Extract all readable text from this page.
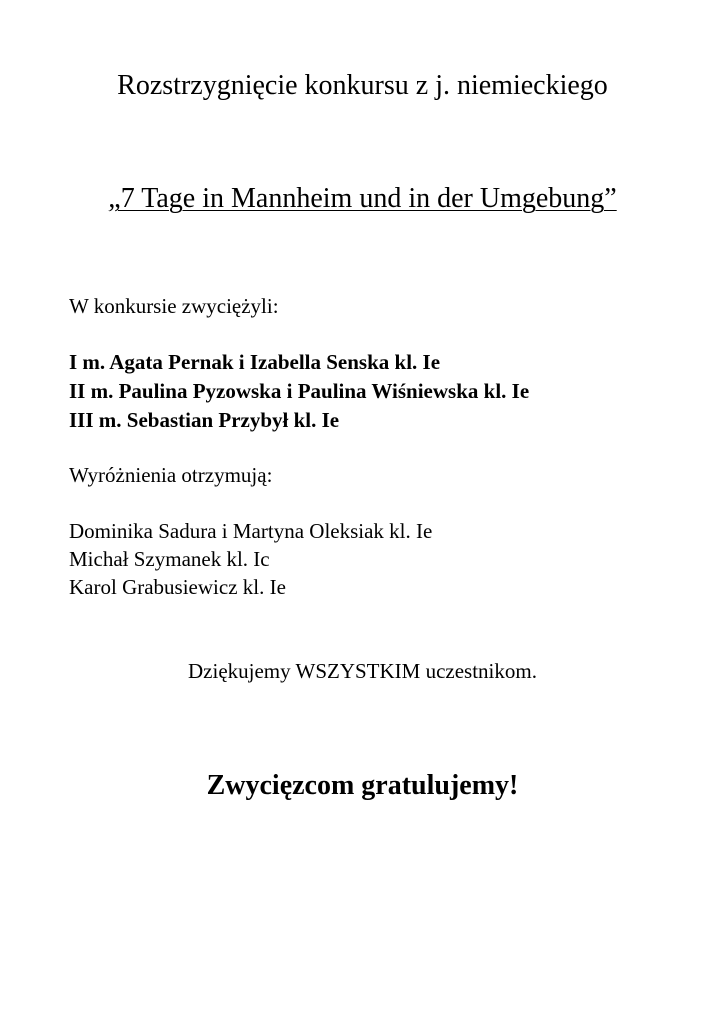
Rozstrzygnięcie konkursu z j. niemieckiego
„7 Tage in Mannheim und in der Umgebung”
W konkursie zwyciężyli:
I m. Agata Pernak i Izabella Senska kl. Ie
II m. Paulina Pyzowska i Paulina Wiśniewska kl. Ie
III m. Sebastian Przybył kl. Ie
Wyróżnienia otrzymują:
Dominika Sadura i Martyna Oleksiak kl. Ie
Michał Szymanek kl. Ic
Karol Grabusiewicz kl. Ie
Dziękujemy WSZYSTKIM uczestnikom.
Zwycięzcom gratulujemy!
